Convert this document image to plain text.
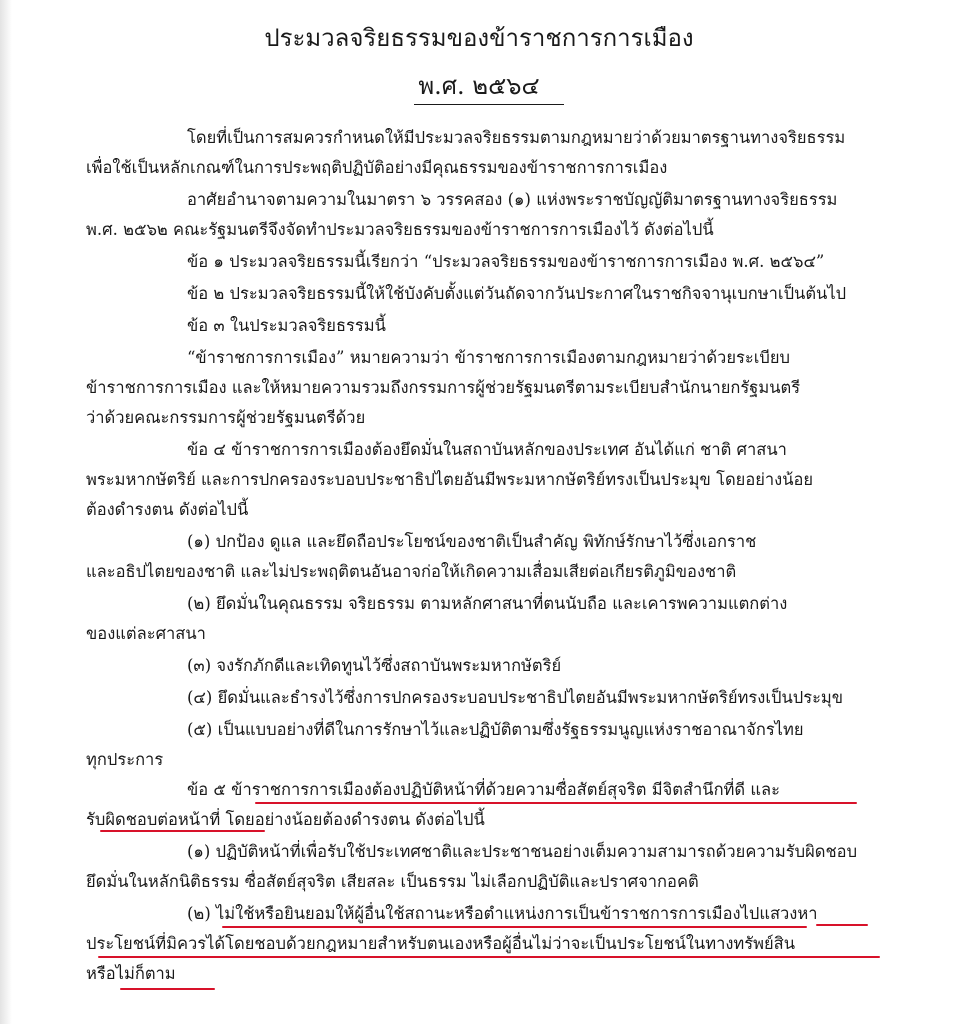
ประมวลจริยธรรมของข้าราชการการเมือง
พ.ศ. ๒๕๖๔
โดยที่เป็นการสมควรกำหนดให้มีประมวลจริยธรรมตามกฎหมายว่าด้วยมาตรฐานทางจริยธรรม
เพื่อใช้เป็นหลักเกณฑ์ในการประพฤติปฏิบัติอย่างมีคุณธรรมของข้าราชการการเมือง
อาศัยอำนาจตามความในมาตรา ๖ วรรคสอง (๑) แห่งพระราชบัญญัติมาตรฐานทางจริยธรรม
พ.ศ. ๒๕๖๒ คณะรัฐมนตรีจึงจัดทำประมวลจริยธรรมของข้าราชการการเมืองไว้ ดังต่อไปนี้
ข้อ ๑ ประมวลจริยธรรมนี้เรียกว่า “ประมวลจริยธรรมของข้าราชการการเมือง พ.ศ. ๒๕๖๔”
ข้อ ๒ ประมวลจริยธรรมนี้ให้ใช้บังคับตั้งแต่วันถัดจากวันประกาศในราชกิจจานุเบกษาเป็นต้นไป
ข้อ ๓ ในประมวลจริยธรรมนี้
“ข้าราชการการเมือง” หมายความว่า ข้าราชการการเมืองตามกฎหมายว่าด้วยระเบียบ
ข้าราชการการเมือง และให้หมายความรวมถึงกรรมการผู้ช่วยรัฐมนตรีตามระเบียบสำนักนายกรัฐมนตรี
ว่าด้วยคณะกรรมการผู้ช่วยรัฐมนตรีด้วย
ข้อ ๔ ข้าราชการการเมืองต้องยึดมั่นในสถาบันหลักของประเทศ อันได้แก่ ชาติ ศาสนา
พระมหากษัตริย์ และการปกครองระบอบประชาธิปไตยอันมีพระมหากษัตริย์ทรงเป็นประมุข โดยอย่างน้อย
ต้องดำรงตน ดังต่อไปนี้
(๑) ปกป้อง ดูแล และยึดถือประโยชน์ของชาติเป็นสำคัญ พิทักษ์รักษาไว้ซึ่งเอกราช
และอธิปไตยของชาติ และไม่ประพฤติตนอันอาจก่อให้เกิดความเสื่อมเสียต่อเกียรติภูมิของชาติ
(๒) ยึดมั่นในคุณธรรม จริยธรรม ตามหลักศาสนาที่ตนนับถือ และเคารพความแตกต่าง
ของแต่ละศาสนา
(๓) จงรักภักดีและเทิดทูนไว้ซึ่งสถาบันพระมหากษัตริย์
(๔) ยึดมั่นและธำรงไว้ซึ่งการปกครองระบอบประชาธิปไตยอันมีพระมหากษัตริย์ทรงเป็นประมุข
(๕) เป็นแบบอย่างที่ดีในการรักษาไว้และปฏิบัติตามซึ่งรัฐธรรมนูญแห่งราชอาณาจักรไทย
ทุกประการ
ข้อ ๕ ข้าราชการการเมืองต้องปฏิบัติหน้าที่ด้วยความซื่อสัตย์สุจริต มีจิตสำนึกที่ดี และ
รับผิดชอบต่อหน้าที่ โดยอย่างน้อยต้องดำรงตน ดังต่อไปนี้
(๑) ปฏิบัติหน้าที่เพื่อรับใช้ประเทศชาติและประชาชนอย่างเต็มความสามารถด้วยความรับผิดชอบ
ยึดมั่นในหลักนิติธรรม ซื่อสัตย์สุจริต เสียสละ เป็นธรรม ไม่เลือกปฏิบัติและปราศจากอคติ
(๒) ไม่ใช้หรือยินยอมให้ผู้อื่นใช้สถานะหรือตำแหน่งการเป็นข้าราชการการเมืองไปแสวงหา
ประโยชน์ที่มิควรได้โดยชอบด้วยกฎหมายสำหรับตนเองหรือผู้อื่นไม่ว่าจะเป็นประโยชน์ในทางทรัพย์สิน
หรือไม่ก็ตาม
